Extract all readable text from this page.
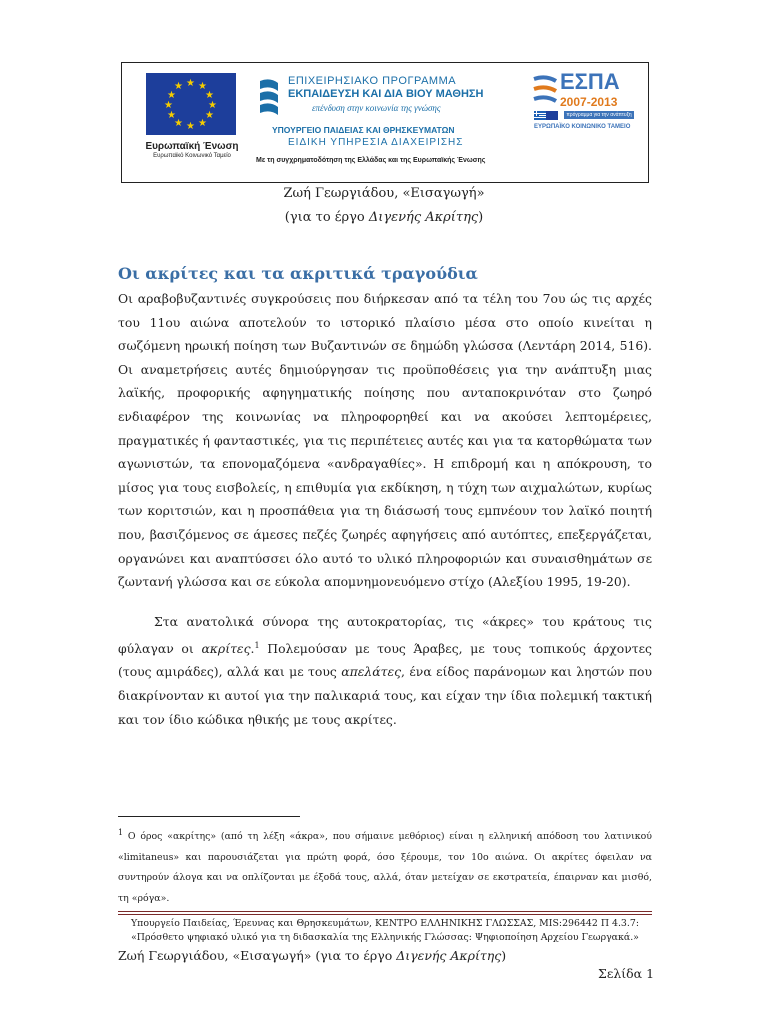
★ ★
★
★
★
★
★
★
★
★
★
★
Ευρωπαϊκή Ένωση
Ευρωπαϊκό Κοινωνικό Ταμείο
ΕΠΙΧΕΙΡΗΣΙΑΚΟ ΠΡΟΓΡΑΜΜΑ
ΕΚΠΑΙΔΕΥΣΗ ΚΑΙ ΔΙΑ ΒΙΟΥ ΜΑΘΗΣΗ
επένδυση στην κοινωνία της γνώσης
ΥΠΟΥΡΓΕΙΟ ΠΑΙΔΕΙΑΣ ΚΑΙ ΘΡΗΣΚΕΥΜΑΤΩΝ
ΕΙΔΙΚΗ ΥΠΗΡΕΣΙΑ ΔΙΑΧΕΙΡΙΣΗΣ
Με τη συγχρηματοδότηση της Ελλάδας και της Ευρωπαϊκής Ένωσης
ΕΣΠΑ
2007-2013
πρόγραμμα για την ανάπτυξη
ΕΥΡΩΠΑΪΚΟ ΚΟΙΝΩΝΙΚΟ ΤΑΜΕΙΟ
Ζωή Γεωργιάδου, «Εισαγωγή»
(για το έργο Διγενής Ακρίτης)
Οι ακρίτες και τα ακριτικά τραγούδια

Οι αραβοβυζαντινές συγκρούσεις που διήρκεσαν από τα τέλη του 7ου ώς τις αρχές του 11ου αιώνα αποτελούν το ιστορικό πλαίσιο μέσα στο οποίο κινείται η σωζόμενη ηρωική ποίηση των Βυζαντινών σε δημώδη γλώσσα (Λεντάρη 2014, 516). Οι αναμετρήσεις αυτές δημιούργησαν τις προϋποθέσεις για την ανάπτυξη μιας λαϊκής, προφορικής αφηγηματικής ποίησης που ανταποκρινόταν στο ζωηρό ενδιαφέρον της κοινωνίας να πληροφορηθεί και να ακούσει λεπτομέρειες, πραγματικές ή φανταστικές, για τις περιπέτειες αυτές και για τα κατορθώματα των αγωνιστών, τα επονομαζόμενα «ανδραγαθίες». Η επιδρομή και η απόκρουση, το μίσος για τους εισβολείς, η επιθυμία για εκδίκηση, η τύχη των αιχμαλώτων, κυρίως των κοριτσιών, και η προσπάθεια για τη διάσωσή τους εμπνέουν τον λαϊκό ποιητή που, βασιζόμενος σε άμεσες πεζές ζωηρές αφηγήσεις από αυτόπτες, επεξεργάζεται, οργανώνει και αναπτύσσει όλο αυτό το υλικό πληροφοριών και συναισθημάτων σε ζωντανή γλώσσα και σε εύκολα απομνημονευόμενο στίχο (Αλεξίου 1995, 19-20).

Στα ανατολικά σύνορα της αυτοκρατορίας, τις «άκρες» του κράτους τις φύλαγαν οι ακρίτες.$^1$ Πολεμούσαν με τους Άραβες, με τους τοπικούς άρχοντες (τους αμιράδες), αλλά και με τους απελάτες, ένα είδος παράνομων και ληστών που διακρίνονταν κι αυτοί για την παλικαριά τους, και είχαν την ίδια πολεμική τακτική και τον ίδιο κώδικα ηθικής με τους ακρίτες.

$^1$ Ο όρος «ακρίτης» (από τη λέξη «άκρα», που σήμαινε μεθόριος) είναι η ελληνική απόδοση του λατινικού «limitaneus» και παρουσιάζεται για πρώτη φορά, όσο ξέρουμε, τον 10ο αιώνα. Οι ακρίτες όφειλαν να συντηρούν άλογα και να οπλίζονται με έξοδά τους, αλλά, όταν μετείχαν σε εκστρατεία, έπαιρναν και μισθό, τη «ρόγα».

Υπουργείο Παιδείας, Έρευνας και Θρησκευμάτων, ΚΕΝΤΡΟ ΕΛΛΗΝΙΚΗΣ ΓΛΩΣΣΑΣ, MIS:296442 Π 4.3.7:
«Πρόσθετο ψηφιακό υλικό για τη διδασκαλία της Ελληνικής Γλώσσας: Ψηφιοποίηση Αρχείου Γεωργακά.»
Ζωή Γεωργιάδου, «Εισαγωγή» (για το έργο Διγενής Ακρίτης)
Σελίδα 1
